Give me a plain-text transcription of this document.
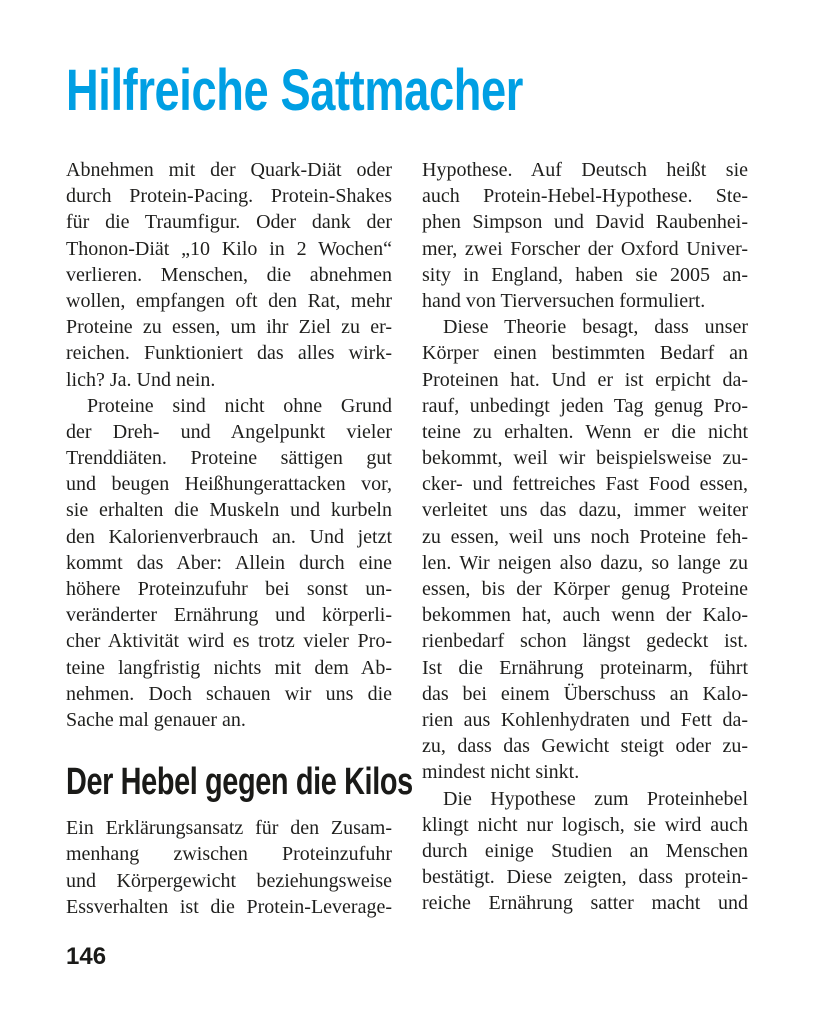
Hilfreiche Sattmacher
Abnehmen mit der Quark-Diät oder
durch Protein-Pacing. Protein-Shakes
für die Traumfigur. Oder dank der
Thonon-Diät „10 Kilo in 2 Wochen“
verlieren. Menschen, die abnehmen
wollen, empfangen oft den Rat, mehr
Proteine zu essen, um ihr Ziel zu er-
reichen. Funktioniert das alles wirk-
lich? Ja. Und nein.
Proteine sind nicht ohne Grund
der Dreh- und Angelpunkt vieler
Trenddiäten. Proteine sättigen gut
und beugen Heißhungerattacken vor,
sie erhalten die Muskeln und kurbeln
den Kalorienverbrauch an. Und jetzt
kommt das Aber: Allein durch eine
höhere Proteinzufuhr bei sonst un-
veränderter Ernährung und körperli-
cher Aktivität wird es trotz vieler Pro-
teine langfristig nichts mit dem Ab-
nehmen. Doch schauen wir uns die
Sache mal genauer an.
Der Hebel gegen die Kilos
Ein Erklärungsansatz für den Zusam-
menhang zwischen Proteinzufuhr
und Körpergewicht beziehungsweise
Essverhalten ist die Protein-Leverage-
Hypothese. Auf Deutsch heißt sie
auch Protein-Hebel-Hypothese. Ste-
phen Simpson und David Raubenhei-
mer, zwei Forscher der Oxford Univer-
sity in England, haben sie 2005 an-
hand von Tierversuchen formuliert.
Diese Theorie besagt, dass unser
Körper einen bestimmten Bedarf an
Proteinen hat. Und er ist erpicht da-
rauf, unbedingt jeden Tag genug Pro-
teine zu erhalten. Wenn er die nicht
bekommt, weil wir beispielsweise zu-
cker- und fettreiches Fast Food essen,
verleitet uns das dazu, immer weiter
zu essen, weil uns noch Proteine feh-
len. Wir neigen also dazu, so lange zu
essen, bis der Körper genug Proteine
bekommen hat, auch wenn der Kalo-
rienbedarf schon längst gedeckt ist.
Ist die Ernährung proteinarm, führt
das bei einem Überschuss an Kalo-
rien aus Kohlenhydraten und Fett da-
zu, dass das Gewicht steigt oder zu-
mindest nicht sinkt.
Die Hypothese zum Proteinhebel
klingt nicht nur logisch, sie wird auch
durch einige Studien an Menschen
bestätigt. Diese zeigten, dass protein-
reiche Ernährung satter macht und
146
